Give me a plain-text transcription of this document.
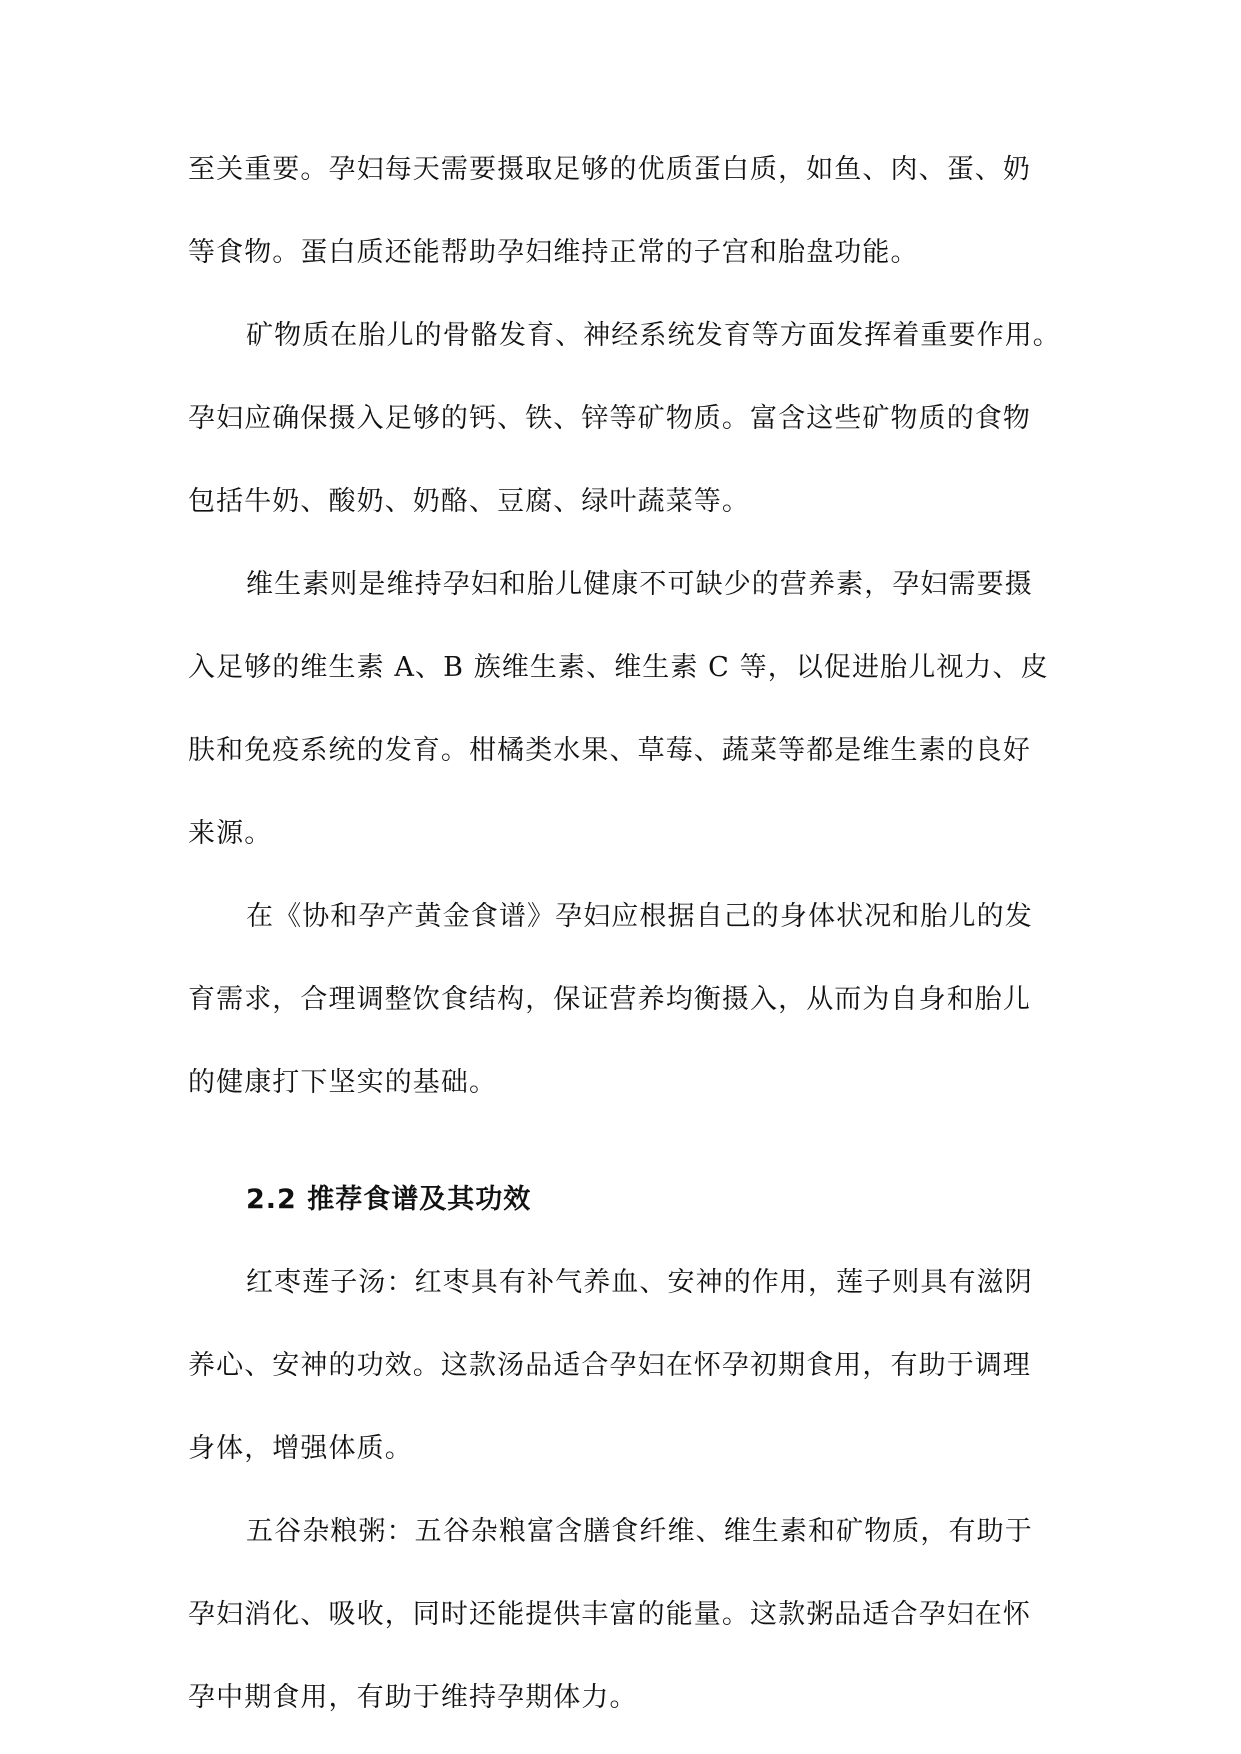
至关重要。孕妇每天需要摄取足够的优质蛋白质，如鱼、肉、蛋、奶
等食物。蛋白质还能帮助孕妇维持正常的子宫和胎盘功能。
矿物质在胎儿的骨骼发育、神经系统发育等方面发挥着重要作用。
孕妇应确保摄入足够的钙、铁、锌等矿物质。富含这些矿物质的食物
包括牛奶、酸奶、奶酪、豆腐、绿叶蔬菜等。
维生素则是维持孕妇和胎儿健康不可缺少的营养素，孕妇需要摄
入足够的维生素 A、B 族维生素、维生素 C 等，以促进胎儿视力、皮
肤和免疫系统的发育。柑橘类水果、草莓、蔬菜等都是维生素的良好
来源。
在《协和孕产黄金食谱》孕妇应根据自己的身体状况和胎儿的发
育需求，合理调整饮食结构，保证营养均衡摄入，从而为自身和胎儿
的健康打下坚实的基础。
2.2 推荐食谱及其功效
红枣莲子汤：红枣具有补气养血、安神的作用，莲子则具有滋阴
养心、安神的功效。这款汤品适合孕妇在怀孕初期食用，有助于调理
身体，增强体质。
五谷杂粮粥：五谷杂粮富含膳食纤维、维生素和矿物质，有助于
孕妇消化、吸收，同时还能提供丰富的能量。这款粥品适合孕妇在怀
孕中期食用，有助于维持孕期体力。
